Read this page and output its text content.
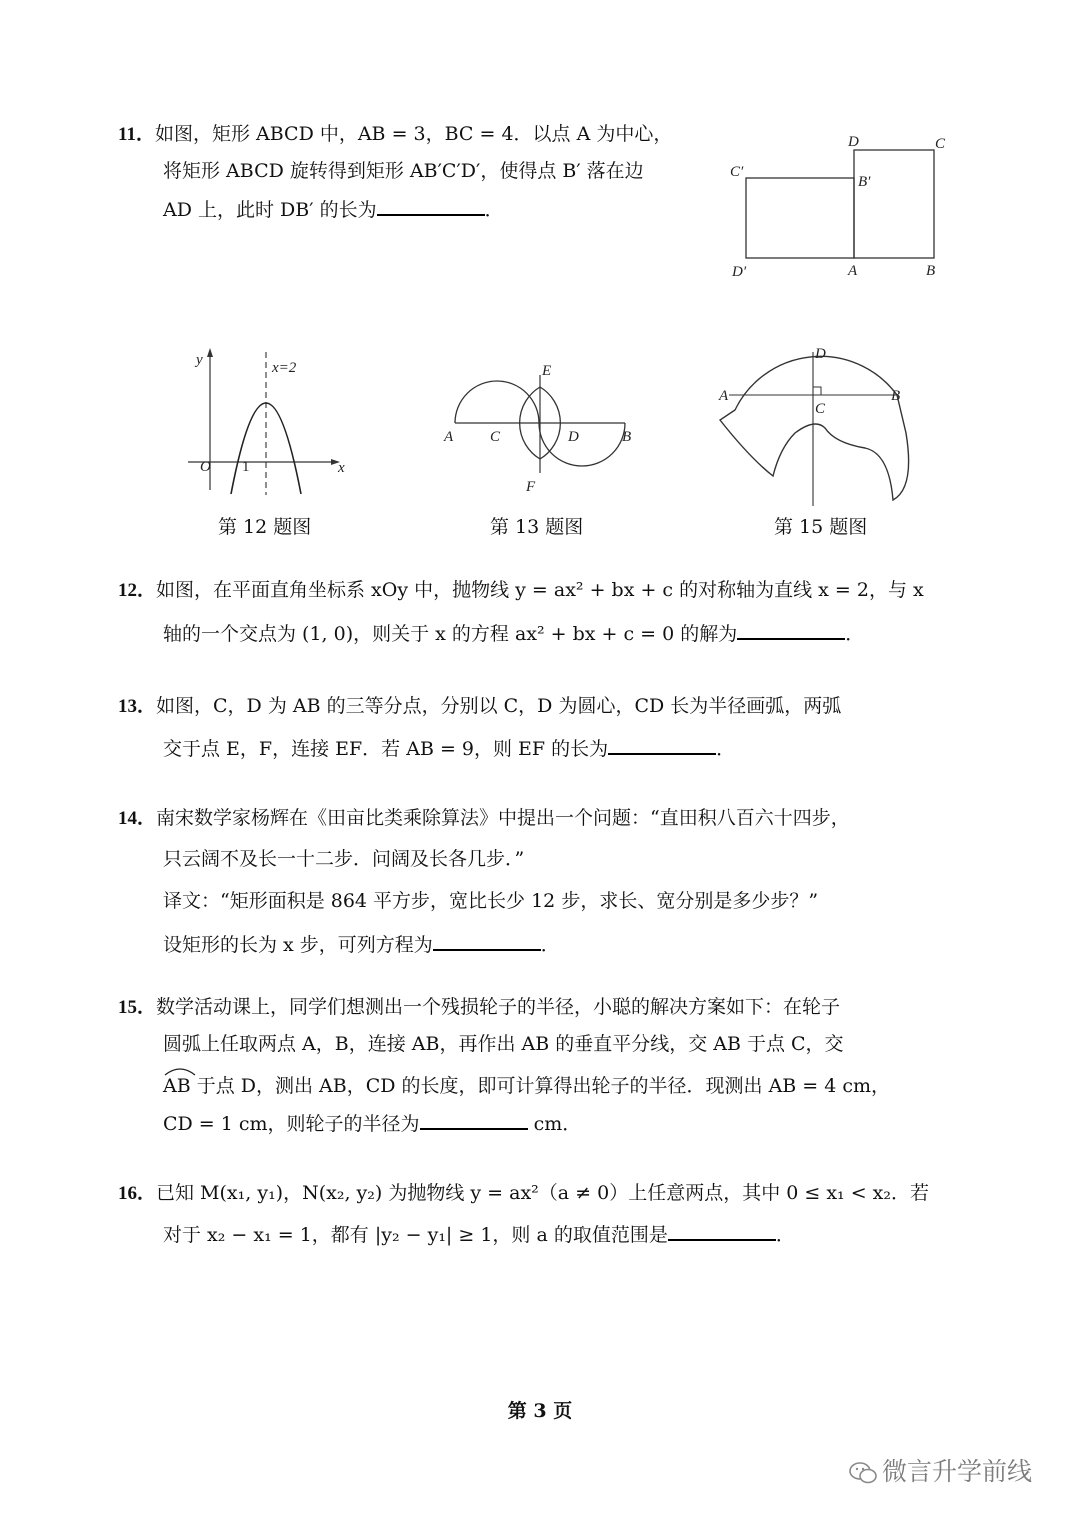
11．如图，矩形 ABCD 中，AB = 3，BC = 4．以点 A 为中心，
将矩形 ABCD 旋转得到矩形 AB′C′D′，使得点 B′ 落在边
AD 上，此时 DB′ 的长为	．
D	C
C′
B′
D′	A	B
y	x=2
O 1	x
第 12 题图
E
A C	D	B
F
第 13 题图
D
A	B
C
第 15 题图
12．如图，在平面直角坐标系 xOy 中，抛物线 y = ax² + bx + c 的对称轴为直线 x = 2，与 x
轴的一个交点为 (1, 0)，则关于 x 的方程 ax² + bx + c = 0 的解为	．
13．如图，C，D 为 AB 的三等分点，分别以 C，D 为圆心，CD 长为半径画弧，两弧
交于点 E，F，连接 EF．若 AB = 9，则 EF 的长为	．
14．南宋数学家杨辉在《田亩比类乘除算法》中提出一个问题：“直田积八百六十四步，
只云阔不及长一十二步．问阔及长各几步．”
译文：“矩形面积是 864 平方步，宽比长少 12 步，求长、宽分别是多少步？”
设矩形的长为 x 步，可列方程为	．
15．数学活动课上，同学们想测出一个残损轮子的半径，小聪的解决方案如下：在轮子
圆弧上任取两点 A，B，连接 AB，再作出 AB 的垂直平分线，交 AB 于点 C，交
AB 于点 D，测出 AB，CD 的长度，即可计算得出轮子的半径．现测出 AB = 4 cm，
CD = 1 cm，则轮子的半径为	cm．
16．已知 M(x₁, y₁)，N(x₂, y₂) 为抛物线 y = ax²（a ≠ 0）上任意两点，其中 0 ≤ x₁ < x₂．若
对于 x₂ − x₁ = 1，都有 |y₂ − y₁| ≥ 1，则 a 的取值范围是	．
第 3 页
微言升学前线
